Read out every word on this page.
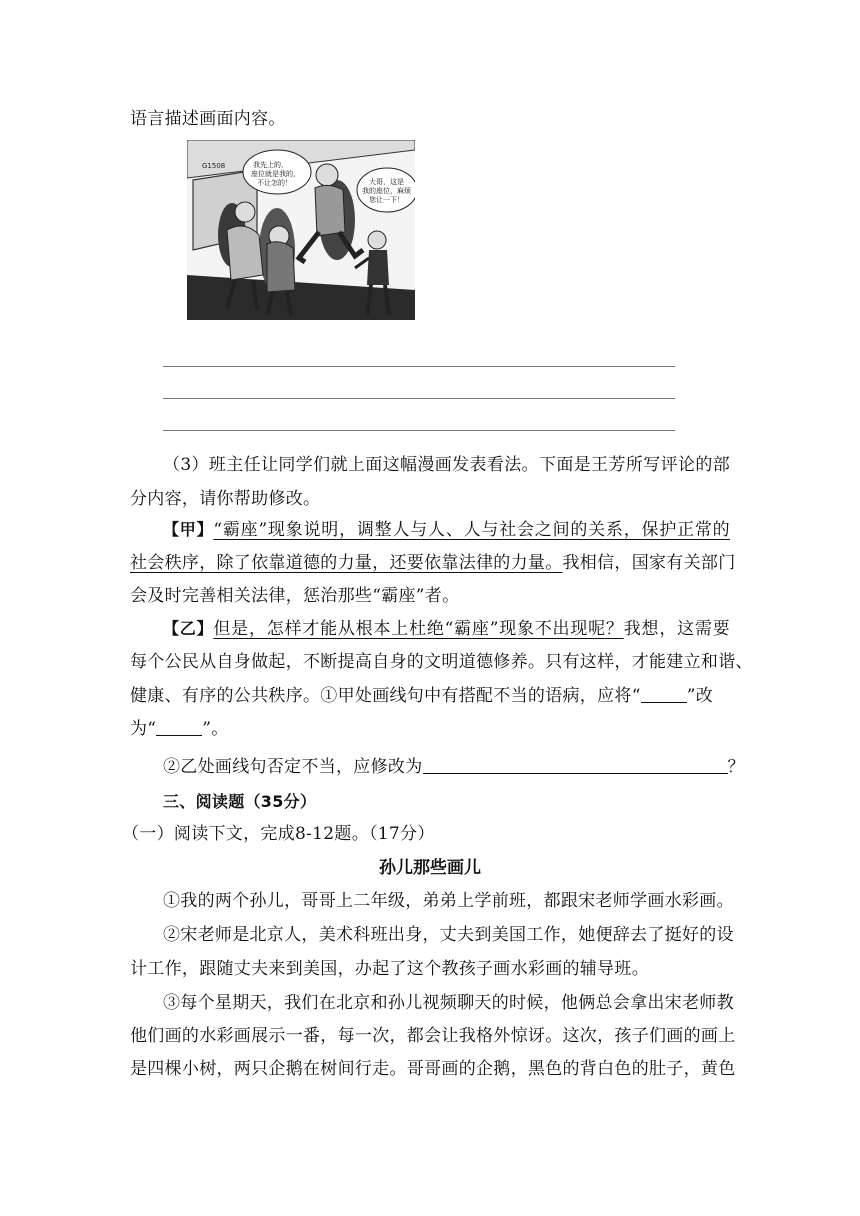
语言描述画面内容。
G1508	我先上的，
座位就是我的，
不让怎的！	大哥，这是
我的座位，麻烦
您让一下！
（3）班主任让同学们就上面这幅漫画发表看法。下面是王芳所写评论的部
分内容，请你帮助修改。
【甲】“霸座”现象说明，调整人与人、人与社会之间的关系，保护正常的
社会秩序，除了依靠道德的力量，还要依靠法律的力量。我相信，国家有关部门
会及时完善相关法律，惩治那些“霸座”者。
【乙】但是，怎样才能从根本上杜绝“霸座”现象不出现呢？我想，这需要
每个公民从自身做起，不断提高自身的文明道德修养。只有这样，才能建立和谐、
健康、有序的公共秩序。①甲处画线句中有搭配不当的语病，应将“	”改
为“	”。
②乙处画线句否定不当，应修改为	？
三、阅读题（35分）
（一）阅读下文，完成8-12题。（17分）
孙儿那些画儿
①我的两个孙儿，哥哥上二年级，弟弟上学前班，都跟宋老师学画水彩画。
②宋老师是北京人，美术科班出身，丈夫到美国工作，她便辞去了挺好的设
计工作，跟随丈夫来到美国，办起了这个教孩子画水彩画的辅导班。
③每个星期天，我们在北京和孙儿视频聊天的时候，他俩总会拿出宋老师教
他们画的水彩画展示一番，每一次，都会让我格外惊讶。这次，孩子们画的画上
是四棵小树，两只企鹅在树间行走。哥哥画的企鹅，黑色的背白色的肚子，黄色
